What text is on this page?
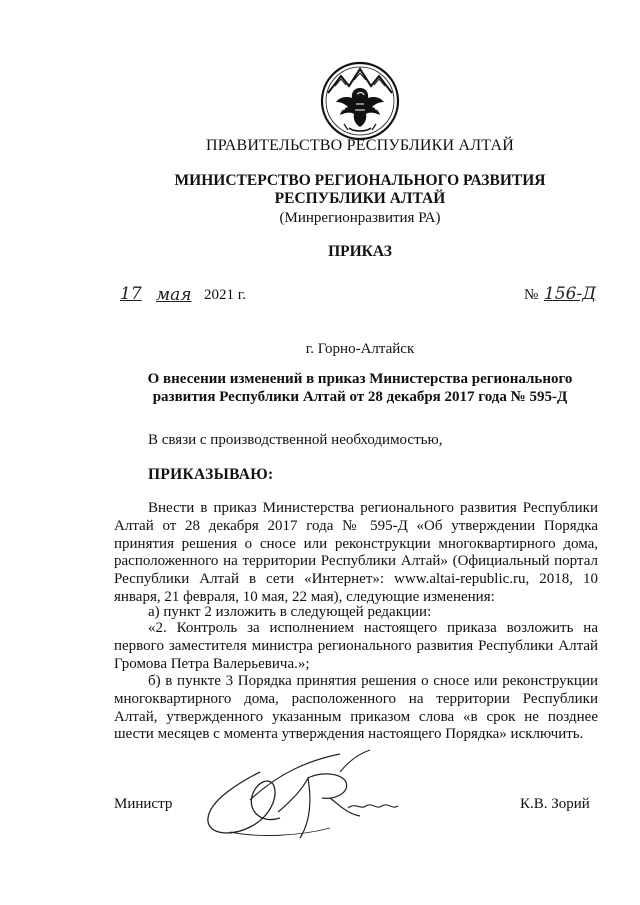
ПРАВИТЕЛЬСТВО РЕСПУБЛИКИ АЛТАЙ
МИНИСТЕРСТВО РЕГИОНАЛЬНОГО РАЗВИТИЯ
РЕСПУБЛИКИ АЛТАЙ
(Минрегионразвития РА)
ПРИКАЗ
17 мая 2021 г.	№ 156-Д
г. Горно-Алтайск
О внесении изменений в приказ Министерства регионального
развития Республики Алтай от 28 декабря 2017 года № 595-Д
В связи с производственной необходимостью,
ПРИКАЗЫВАЮ:
Внести в приказ Министерства регионального развития Республики
Алтай от 28 декабря 2017 года № 595-Д «Об утверждении Порядка
принятия решения о сносе или реконструкции многоквартирного дома,
расположенного на территории Республики Алтай» (Официальный портал
Республики Алтай в сети «Интернет»: www.altai-republic.ru, 2018, 10
января, 21 февраля, 10 мая, 22 мая), следующие изменения:
а) пункт 2 изложить в следующей редакции:
«2. Контроль за исполнением настоящего приказа возложить на
первого заместителя министра регионального развития Республики Алтай
Громова Петра Валерьевича.»;
б) в пункте 3 Порядка принятия решения о сносе или реконструкции
многоквартирного дома, расположенного на территории Республики
Алтай, утвержденного указанным приказом слова «в срок не позднее
шести месяцев с момента утверждения настоящего Порядка» исключить.
Министр	К.В. Зорий
